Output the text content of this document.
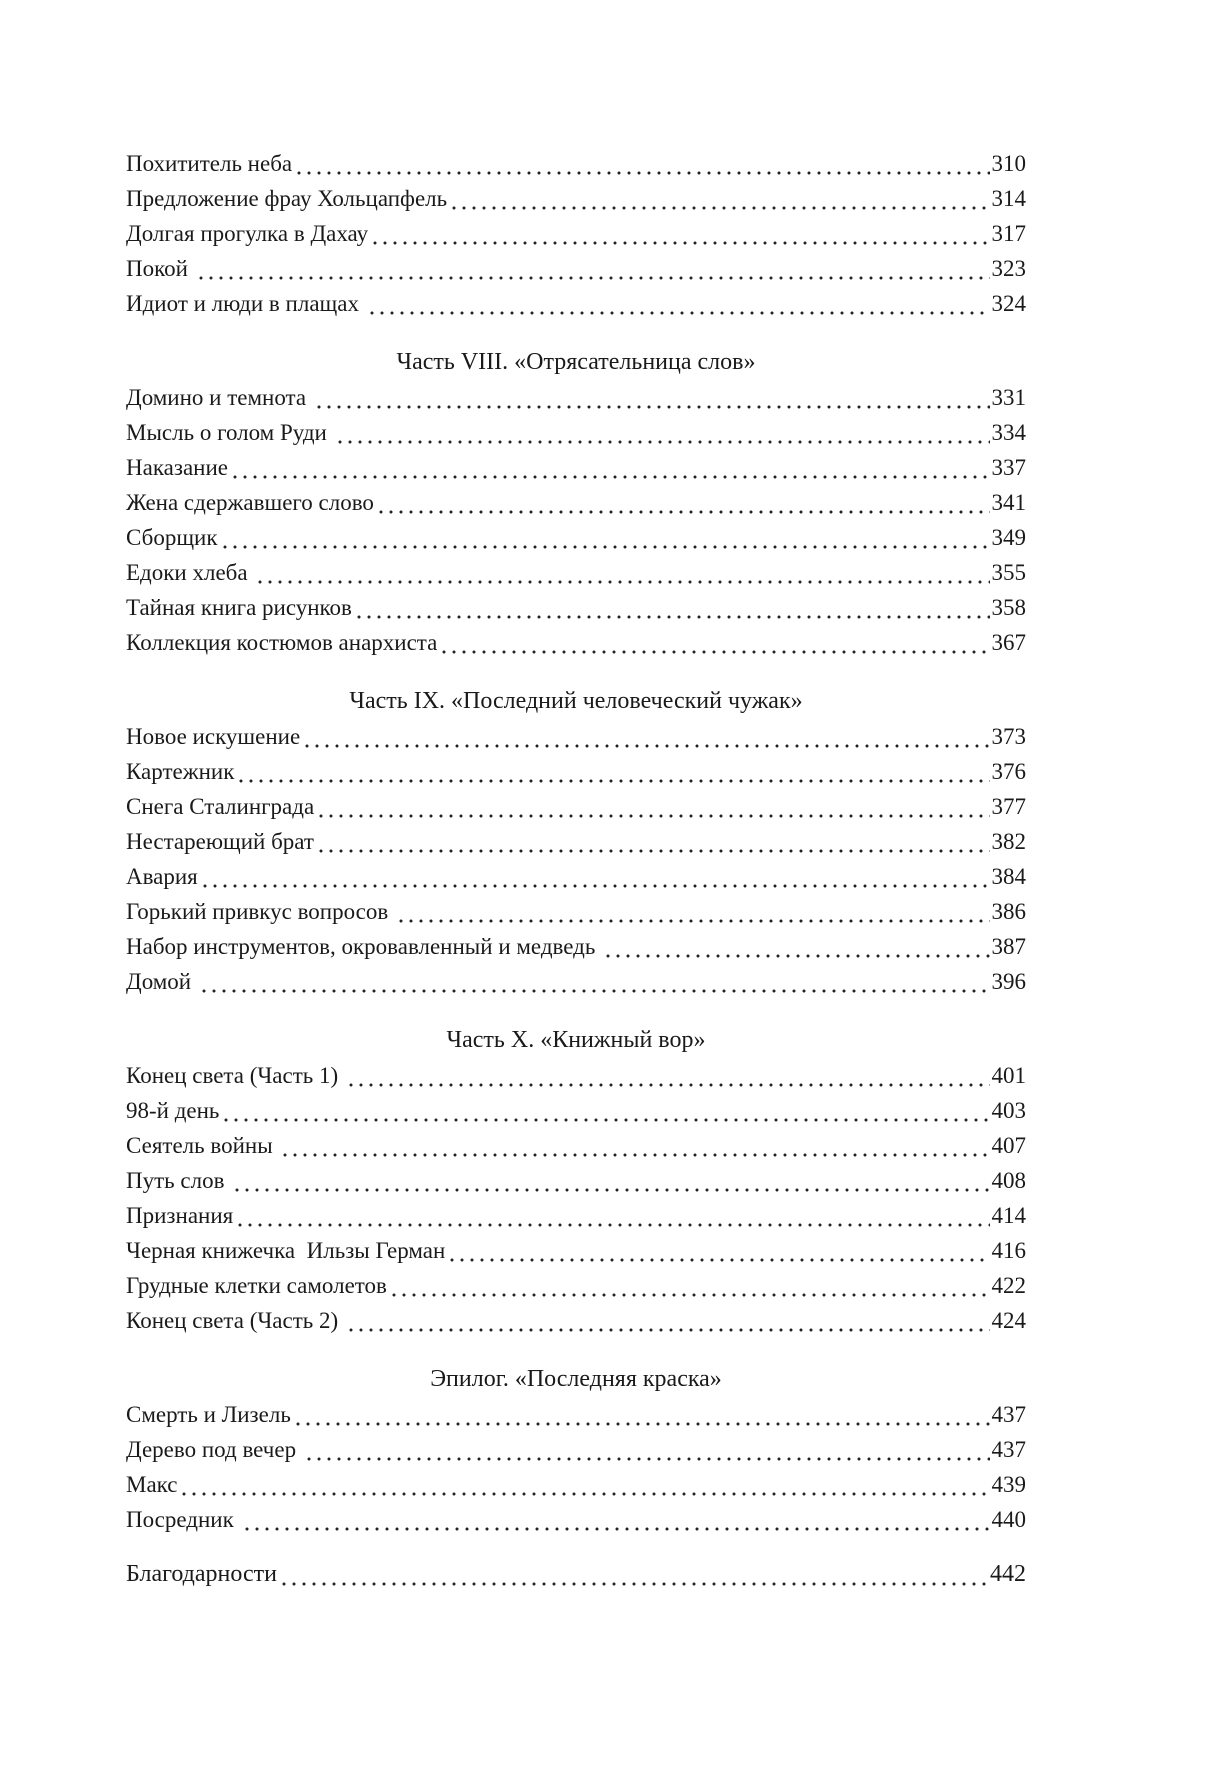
Похититель неба	310
Предложение фрау Хольцапфель	314
Долгая прогулка в Дахау	317
Покой	323
Идиот и люди в плащах	324
Часть VIII. «Отрясательница слов»
Домино и темнота	331
Мысль о голом Руди	334
Наказание	337
Жена сдержавшего слово	341
Сборщик	349
Едоки хлеба	355
Тайная книга рисунков	358
Коллекция костюмов анархиста	367
Часть IX. «Последний человеческий чужак»
Новое искушение	373
Картежник	376
Снега Сталинграда	377
Нестареющий брат	382
Авария	384
Горький привкус вопросов	386
Набор инструментов, окровавленный и медведь	387
Домой	396
Часть X. «Книжный вор»
Конец света (Часть 1)	401
98-й день	403
Сеятель войны	407
Путь слов	408
Признания	414
Черная книжечка  Ильзы Герман	416
Грудные клетки самолетов	422
Конец света (Часть 2)	424
Эпилог. «Последняя краска»
Смерть и Лизель	437
Дерево под вечер	437
Макс	439
Посредник	440
Благодарности	442
